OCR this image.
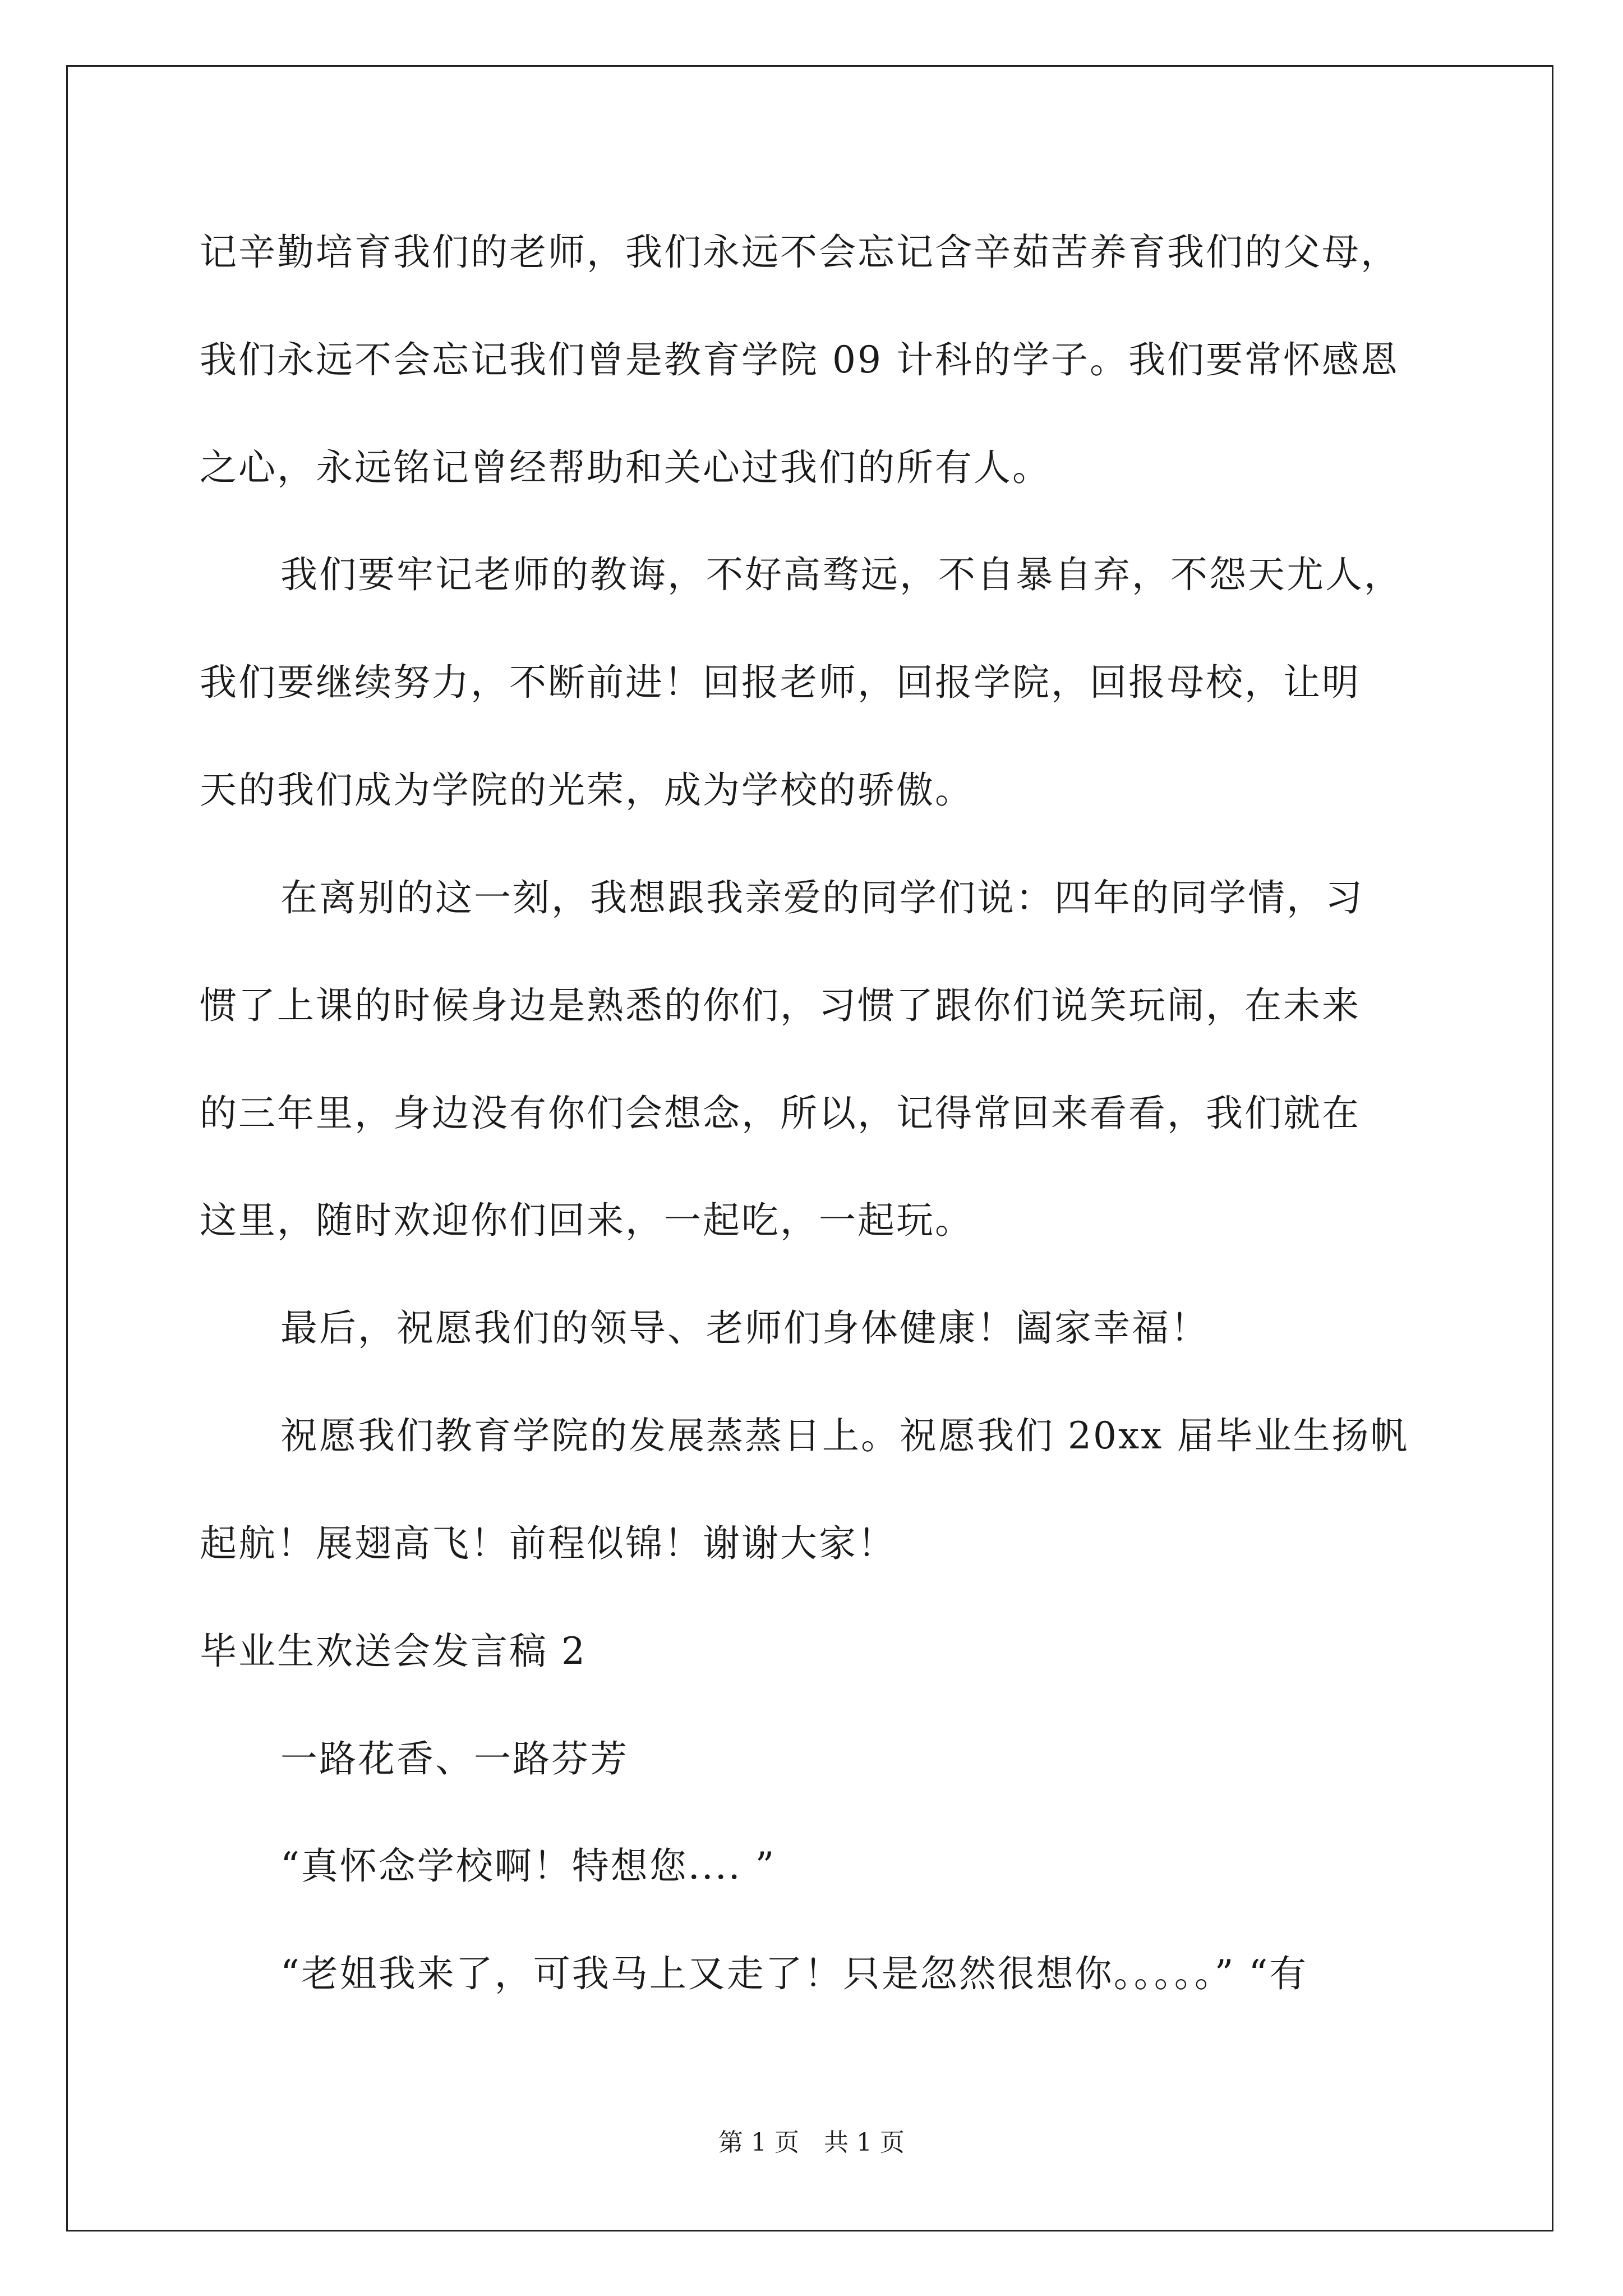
记辛勤培育我们的老师，我们永远不会忘记含辛茹苦养育我们的父母，

我们永远不会忘记我们曾是教育学院 09 计科的学子。我们要常怀感恩

之心，永远铭记曾经帮助和关心过我们的所有人。

我们要牢记老师的教诲，不好高骛远，不自暴自弃，不怨天尤人，

我们要继续努力，不断前进！回报老师，回报学院，回报母校，让明

天的我们成为学院的光荣，成为学校的骄傲。

在离别的这一刻，我想跟我亲爱的同学们说：四年的同学情，习

惯了上课的时候身边是熟悉的你们，习惯了跟你们说笑玩闹，在未来

的三年里，身边没有你们会想念，所以，记得常回来看看，我们就在

这里，随时欢迎你们回来，一起吃，一起玩。

最后，祝愿我们的领导、老师们身体健康！阖家幸福！

祝愿我们教育学院的发展蒸蒸日上。祝愿我们 20xx 届毕业生扬帆

起航！展翅高飞！前程似锦！谢谢大家！

毕业生欢送会发言稿 2

一路花香、一路芬芳

“真怀念学校啊！特想您.... ”

“老姐我来了，可我马上又走了！只是忽然很想你。。。。。” “有

第 1 页　共 1 页
